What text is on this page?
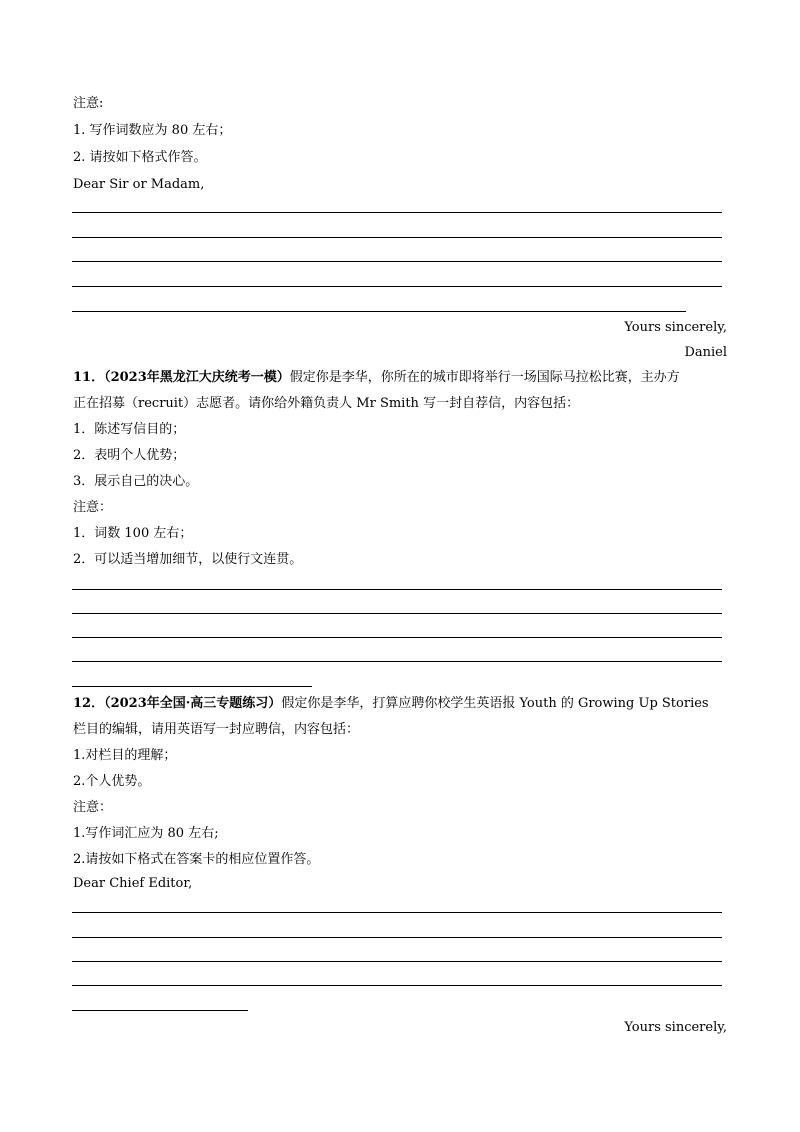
注意:
1. 写作词数应为 80 左右；
2. 请按如下格式作答。
Dear Sir or Madam,
Yours sincerely,
Daniel
11．（2023年黑龙江大庆统考一模）假定你是李华，你所在的城市即将举行一场国际马拉松比赛，主办方
正在招募（recruit）志愿者。请你给外籍负责人 Mr Smith 写一封自荐信，内容包括：
1．陈述写信目的；
2．表明个人优势；
3．展示自己的决心。
注意：
1．词数 100 左右；
2．可以适当增加细节，以使行文连贯。
12．（2023年全国·高三专题练习）假定你是李华，打算应聘你校学生英语报 Youth 的 Growing Up Stories
栏目的编辑，请用英语写一封应聘信，内容包括：
1.对栏目的理解；
2.个人优势。
注意：
1.写作词汇应为 80 左右;
2.请按如下格式在答案卡的相应位置作答。
Dear Chief Editor,
Yours sincerely,
